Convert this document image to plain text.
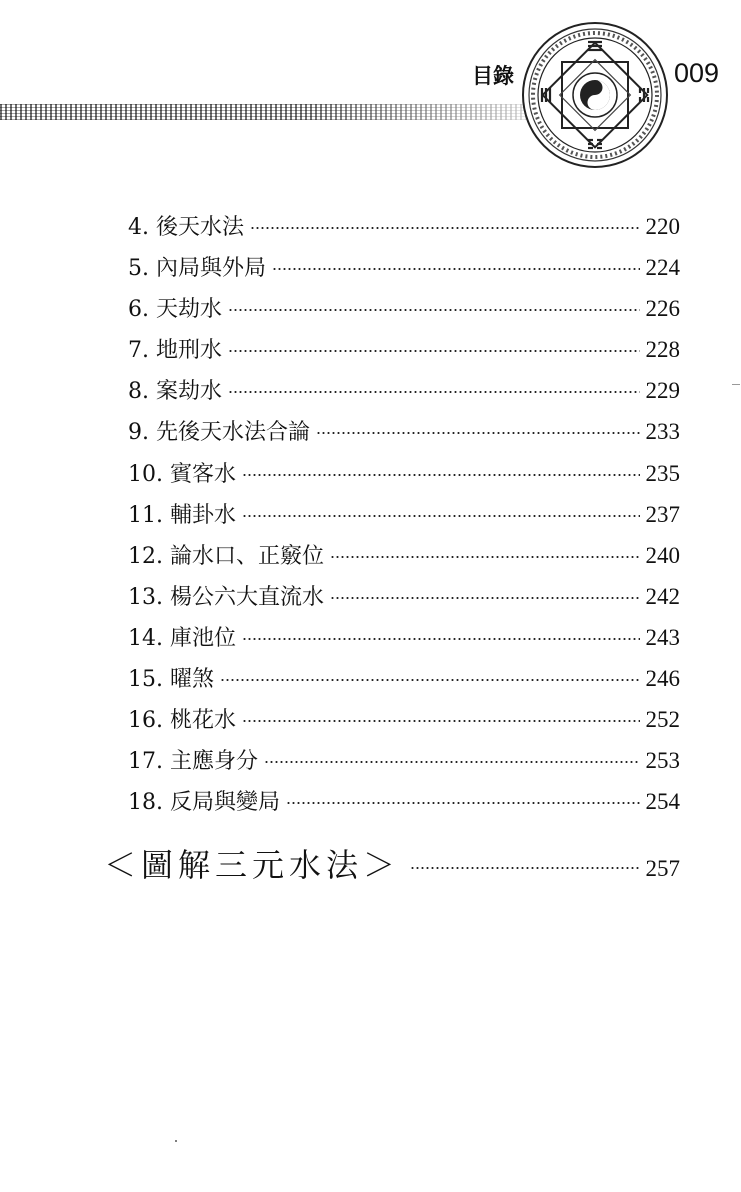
目錄	009
4. 後天水法	220
5. 內局與外局	224
6. 天劫水	226
7. 地刑水	228
8. 案劫水	229
9. 先後天水法合論	233
10. 賓客水	235
11. 輔卦水	237
12. 論水口、正竅位	240
13. 楊公六大直流水	242
14. 庫池位	243
15. 曜煞	246
16. 桃花水	252
17. 主應身分	253
18. 反局與變局	254
＜圖解三元水法＞	257
